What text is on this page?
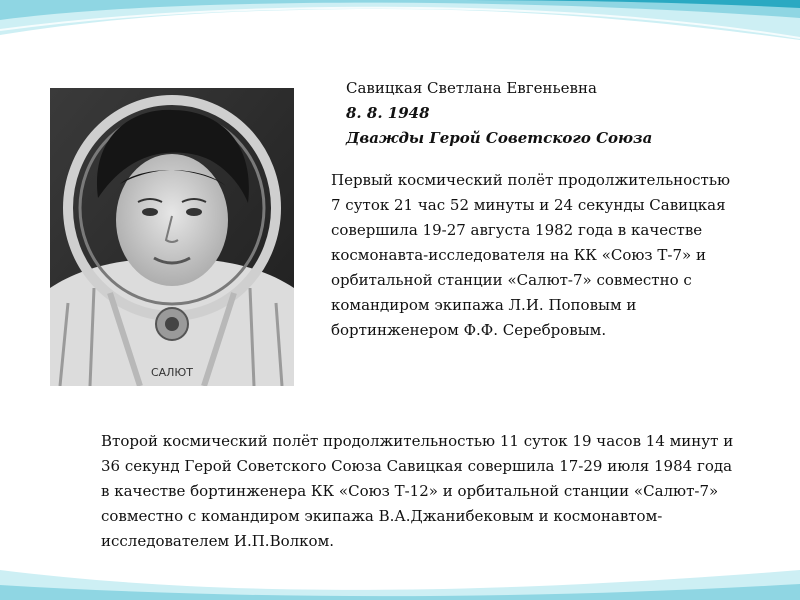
САЛЮТ
Савицкая Светлана Евгеньевна
8. 8. 1948
Дважды Герой Советского Союза
Первый космический полёт продолжительностью 7 суток 21 час 52 минуты и 24 секунды Савицкая совершила 19-27 августа 1982 года в качестве космонавта-исследователя на КК «Союз Т-7» и орбитальной станции «Салют-7» совместно с командиром экипажа Л.И. Поповым и бортинженером Ф.Ф. Серебровым.
Второй космический полёт продолжительностью 11 суток 19 часов 14 минут и 36 секунд Герой Советского Союза Савицкая совершила 17-29 июля 1984 года в качестве бортинженера КК «Союз Т-12» и орбитальной станции «Салют-7» совместно с командиром экипажа В.А.Джанибековым и космонавтом-исследователем И.П.Волком.
